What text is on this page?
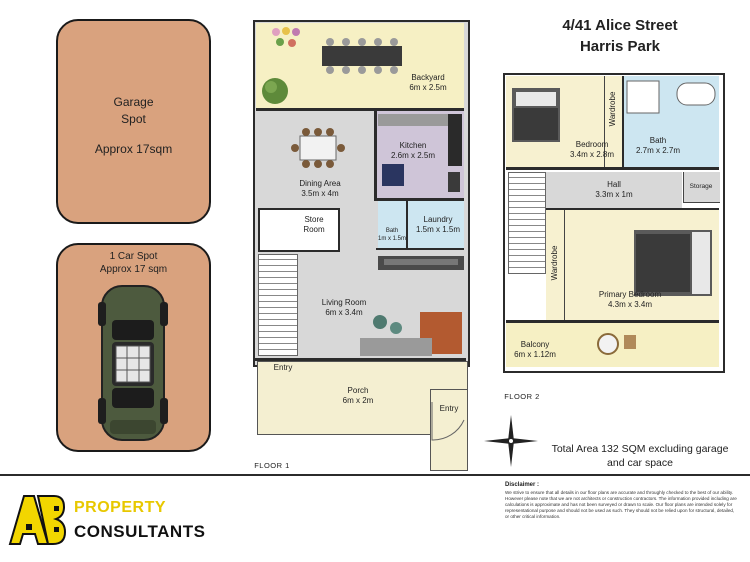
Garage
Spot
Approx 17sqm
1 Car Spot
Approx 17 sqm
Backyard
6m x 2.5m
Kitchen
2.6m x 2.5m
Dining Area
3.5m x 4m
Store
Room	Bath
1m x 1.5m
Laundry
1.5m x 1.5m
Living Room
6m x 3.4m
Entry
Porch
6m x 2m
Entry
FLOOR 1
4/41 Alice Street
Harris Park
Bedroom
3.4m x 2.8m
Wardrobe
Bath
2.7m x 2.7m
Hall
3.3m x 1m
Storage
Wardrobe
Primary Bedroom
4.3m x 3.4m
Balcony
6m x 1.12m
FLOOR 2
Total Area 132 SQM excluding garage
and car space
PROPERTY
CONSULTANTS
Disclaimer :
We strive to ensure that all details in our floor plans are accurate and throughly checked to the best of our ability. However please note that we are not architects or construction contractors. The information provided including are calculations is approximate and has not been surveyed or drawn to scale. Our floor plans are intended solely for representational purpose and should not be used as such. They should not be relied upon for structural, detailed, or other critical information.
